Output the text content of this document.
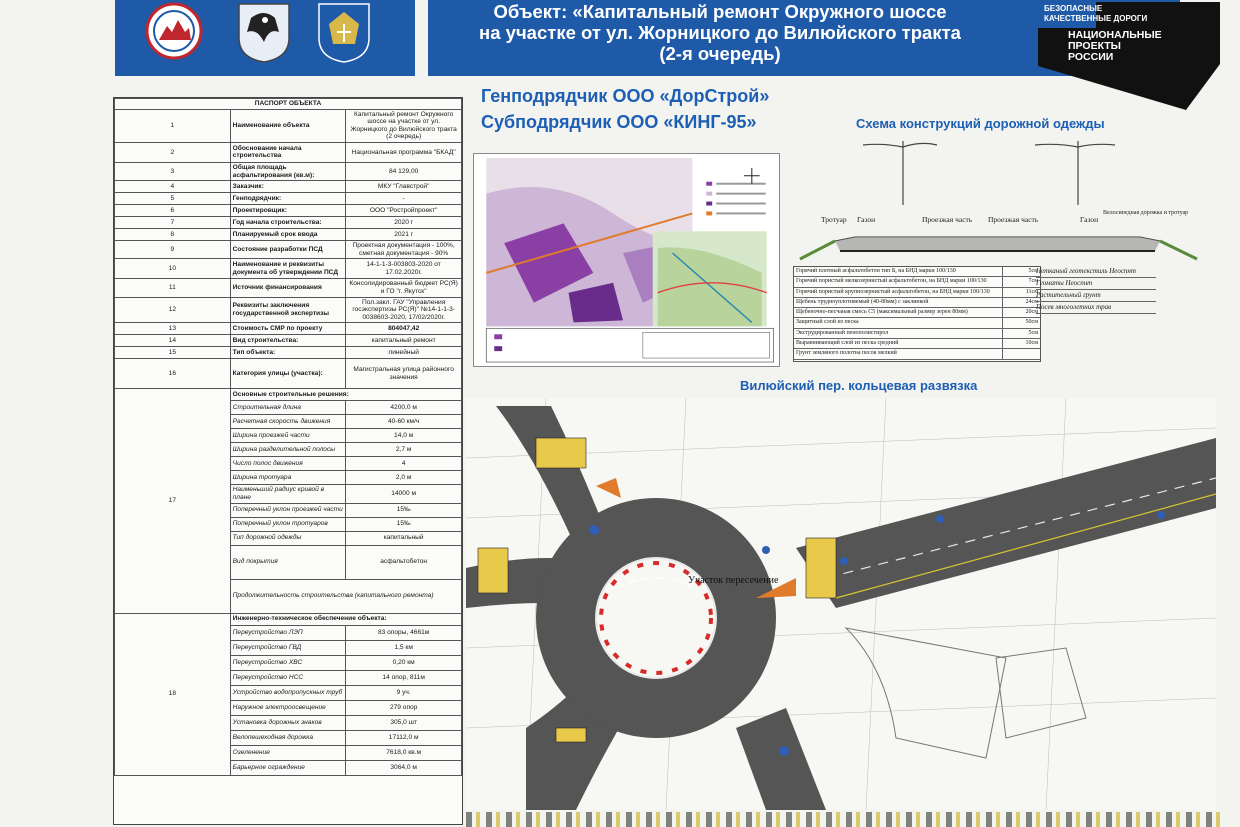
Объект: «Капитальный ремонт Окружного шоссе
на участке от ул. Жорницкого до Вилюйского тракта
(2-я очередь)
БЕЗОПАСНЫЕ
КАЧЕСТВЕННЫЕ ДОРОГИ
НАЦИОНАЛЬНЫЕ
ПРОЕКТЫ
РОССИИ
ПАСПОРТ ОБЪЕКТА		
1	Наименование объекта	Капитальный ремонт Окружного шоссе на участке от ул. Жорницкого до Вилюйского тракта (2 очередь)
2	Обоснование начала строительства	Национальная программа "БКАД"
3	Общая площадь асфальтирования (кв.м):	84 129,00
4	Заказчик:	МКУ "Главстрой"
5	Генподрядчик:	-
6	Проектировщик:	ООО "Ростройпроект"
7	Год начала строительства:	2020 г
8	Планируемый срок ввода	2021 г
9	Состояние разработки ПСД	Проектная документация - 100%, сметная документация - 90%
10	Наименование и реквизиты документа об утверждении ПСД	14-1-1-3-003803-2020 от 17.02.2020г.
11	Источник финансирования	Консолидированный бюджет РС(Я) и ГО "г. Якутск"
12	Реквизиты заключения государственной экспертизы	Пол.закл. ГАУ "Управления госэкспертизы РС(Я)" №14-1-1-3-0038603-2020, 17/02/2020г.
13	Стоимость СМР по проекту	804047,42
14	Вид строительства:	капитальный ремонт
15	Тип объекта:	линейный
16	Категория улицы (участка):	Магистральная улица районного значения
17	Основные строительные решения:	
	Строительная длина	4200,0 м
	Расчетная скорость движения	40-60 км/ч
	Ширина проезжей части	14,0 м
	Ширина разделительной полосы	2,7 м
	Число полос движения	4
	Ширина тротуара	2,0 м
	Наименьший радиус кривой в плане	14000 м
	Поперечный уклон проезжей части	15‰
	Поперечный уклон тротуаров	15‰
	Тип дорожной одежды	капитальный
	Вид покрытия	асфальтобетон
	Продолжительность строительства (капитального ремонта)	
18	Инженерно-техническое обеспечение объекта:	
	Переустройство ЛЭП	83 опоры, 4661м
	Переустройство ГВД	1,5 км
	Переустройство ХВС	0,20 км
	Переустройство НСС	14 опор, 811м
	Устройство водопропускных труб	9 уч.
	Наружное электроосвещение	279 опор
	Установка дорожных знаков	305,0 шт
	Велопешеходная дорожка	17112,0 м
	Озеленение	7618,0 кв.м
	Барьерное ограждение	3064,0 м
Генподрядчик ООО «ДорСтрой»
Субподрядчик ООО «КИНГ-95»	Схема конструкций дорожной одежды
Тротуар Газон	Проезжая часть Проезжая часть	Газон
Велосипедная дорожка и тротуар
Горячий плотный асфальтобетон тип Б, на БНД марки 100/130	5см
Горячий пористый мелкозернистый асфальтобетон, на БНД марки 100/130	7см
Горячий пористый крупнозернистый асфальтобетон, на БНД марки 100/130	11см
Щебень трудноуплотняемый (40-80мм) с заклинкой	24см
Щебеночно-песчаная смесь С5 (максимальный размер зерен 80мм)	20см
Защитный слой из песка	50см
Экструдированный пенополистирол	5см
Выравнивающий слой из песка средний	10см
Грунт земляного полотна песок мелкий	
Нетканый геотекстиль Неоспнт
Геоматы Неоспнт
Растительный грунт
Посев многолетних трав
Вилюйский пер. кольцевая развязка
Участок пересечение
